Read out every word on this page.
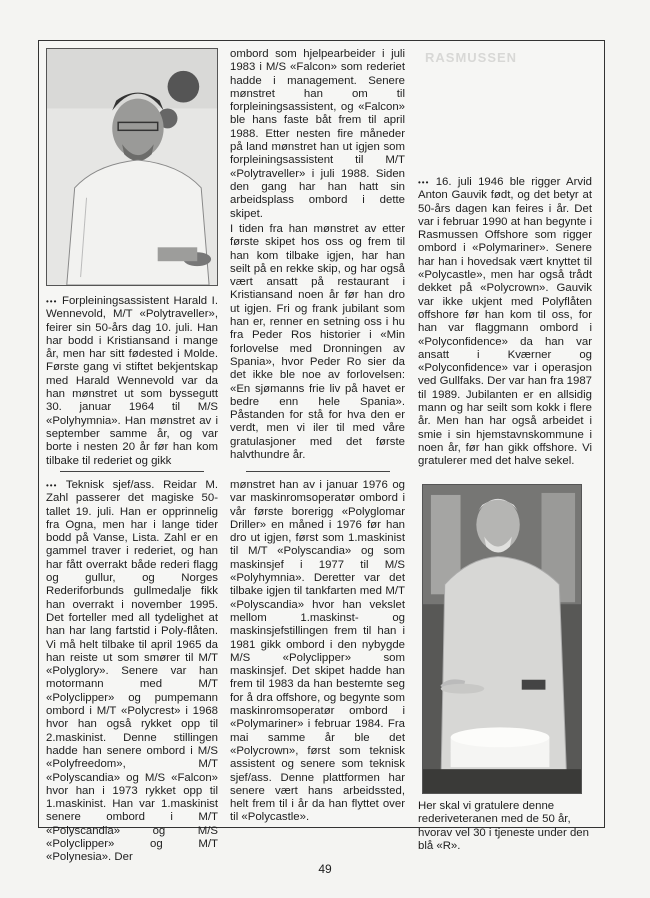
RASMUSSEN

••• Forpleiningsassistent Harald I. Wennevold, M/T «Polytraveller», feirer sin 50-års dag 10. juli. Han har bodd i Kristiansand i mange år, men har sitt fødested i Molde. Første gang vi stiftet bekjentskap med Harald Wennevold var da han mønstret ut som byssegutt 30. januar 1964 til M/S «Polyhymnia». Han mønstret av i september samme år, og var borte i nesten 20 år før han kom tilbake til rederiet og gikk

••• Teknisk sjef/ass. Reidar M. Zahl passerer det magiske 50-tallet 19. juli. Han er opprinnelig fra Ogna, men har i lange tider bodd på Vanse, Lista. Zahl er en gammel traver i rederiet, og han har fått overrakt både rederi flagg og gullur, og Norges Rederiforbunds gullmedalje fikk han overrakt i november 1995. Det forteller med all tydelighet at han har lang fartstid i Poly-flåten. Vi må helt tilbake til april 1965 da han reiste ut som smører til M/T «Polyglory». Senere var han motormann med M/T «Polyclipper» og pumpemann ombord i M/T «Polycrest» i 1968 hvor han også rykket opp til 2.maskinist. Denne stillingen hadde han senere ombord i M/S «Polyfreedom», M/T «Polyscandia» og M/S «Falcon» hvor han i 1973 rykket opp til 1.maskinist. Han var 1.maskinist senere ombord i M/T «Polyscandia» og M/S «Polyclipper» og M/T «Polynesia». Der

ombord som hjelpearbeider i juli 1983 i M/S «Falcon» som rederiet hadde i management. Senere mønstret han om til forpleiningsassistent, og «Falcon» ble hans faste båt frem til april 1988. Etter nesten fire måneder på land mønstret han ut igjen som forpleiningsassistent til M/T «Polytraveller» i juli 1988. Siden den gang har han hatt sin arbeidsplass ombord i dette skipet.

I tiden fra han mønstret av etter første skipet hos oss og frem til han kom tilbake igjen, har han seilt på en rekke skip, og har også vært ansatt på restaurant i Kristiansand noen år før han dro ut igjen. Fri og frank jubilant som han er, renner en setning oss i hu fra Peder Ros historier i «Min forlovelse med Dronningen av Spania», hvor Peder Ro sier da det ikke ble noe av forlovelsen: «En sjømanns frie liv på havet er bedre enn hele Spania». Påstanden for stå for hva den er verdt, men vi iler til med våre gratulasjoner med det første halvthundre år.

mønstret han av i januar 1976 og var maskinromsoperatør ombord i vår første borerigg «Polyglomar Driller» en måned i 1976 før han dro ut igjen, først som 1.maskinist til M/T «Polyscandia» og som maskinsjef i 1977 til M/S «Polyhymnia». Deretter var det tilbake igjen til tankfarten med M/T «Polyscandia» hvor han vekslet mellom 1.maskinst- og maskinsjefstillingen frem til han i 1981 gikk ombord i den nybygde M/S «Polyclipper» som maskinsjef. Det skipet hadde han frem til 1983 da han bestemte seg for å dra offshore, og begynte som maskinromsoperatør ombord i «Polymariner» i februar 1984. Fra mai samme år ble det «Polycrown», først som teknisk assistent og senere som teknisk sjef/ass. Denne plattformen har senere vært hans arbeidssted, helt frem til i år da han flyttet over til «Polycastle».

••• 16. juli 1946 ble rigger Arvid Anton Gauvik født, og det betyr at 50-års dagen kan feires i år. Det var i februar 1990 at han begynte i Rasmussen Offshore som rigger ombord i «Polymariner». Senere har han i hovedsak vært knyttet til «Polycastle», men har også trådt dekket på «Polycrown». Gauvik var ikke ukjent med Polyflåten offshore før han kom til oss, for han var flaggmann ombord i «Polyconfidence» da han var ansatt i Kværner og «Polyconfidence» var i operasjon ved Gullfaks. Der var han fra 1987 til 1989. Jubilanten er en allsidig mann og har seilt som kokk i flere år. Men han har også arbeidet i smie i sin hjemstavnskommune i noen år, før han gikk offshore. Vi gratulerer med det halve sekel.

Her skal vi gratulere denne rederiveteranen med de 50 år, hvorav vel 30 i tjeneste under den blå «R».
49
